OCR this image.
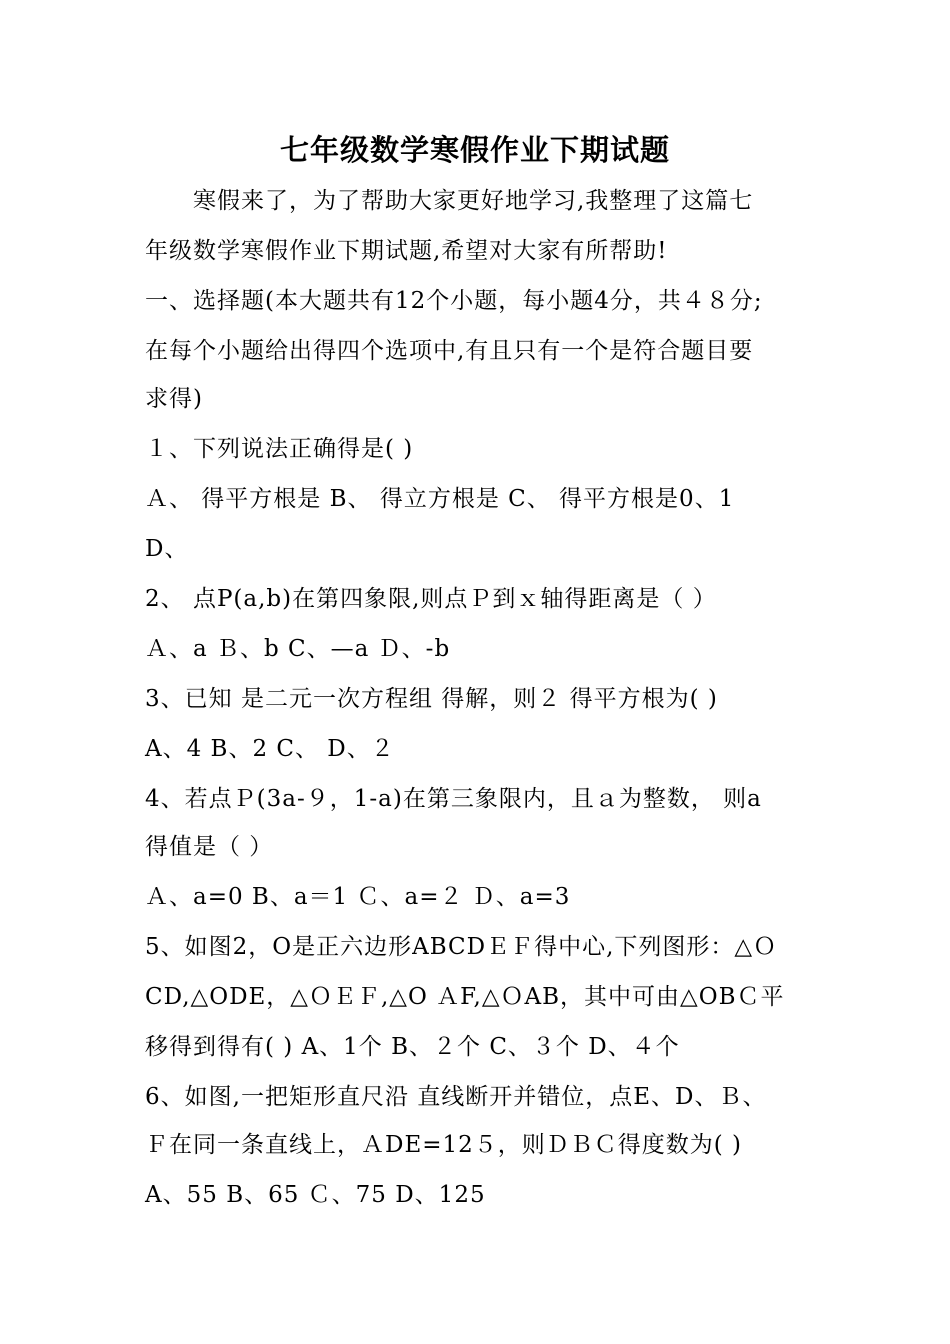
七年级数学寒假作业下期试题
　　寒假来了，为了帮助大家更好地学习,我整理了这篇七
年级数学寒假作业下期试题,希望对大家有所帮助!
一、选择题(本大题共有12个小题，每小题4分，共４８分;
在每个小题给出得四个选项中,有且只有一个是符合题目要
求得)
１、下列说法正确得是( )
Ａ、 得平方根是 B、 得立方根是 C、 得平方根是0、1
D、
2、 点P(a,b)在第四象限,则点Ｐ到ｘ轴得距离是（ ）
Ａ、a Ｂ、b C、—a Ｄ、-b
3、已知 是二元一次方程组 得解，则２ 得平方根为( )
A、4 B、2 C、 D、２
4、若点Ｐ(3a-９，1-a)在第三象限内，且ａ为整数， 则a
得值是（ ）
Ａ、a=0 B、a＝1 Ｃ、a=２ Ｄ、a=3
5、如图2，O是正六边形ABCDＥＦ得中心,下列图形：△Ｏ
CD,△ODE，△ＯＥＦ,△O ＡF,△ＯAB，其中可由△OBＣ平
移得到得有( ) A、1个 B、２个 C、３个 D、４个
6、如图,一把矩形直尺沿 直线断开并错位，点E、D、Ｂ、
Ｆ在同一条直线上，ＡDE=12５，则ＤＢＣ得度数为( )
A、55 B、65 Ｃ、75 D、125
